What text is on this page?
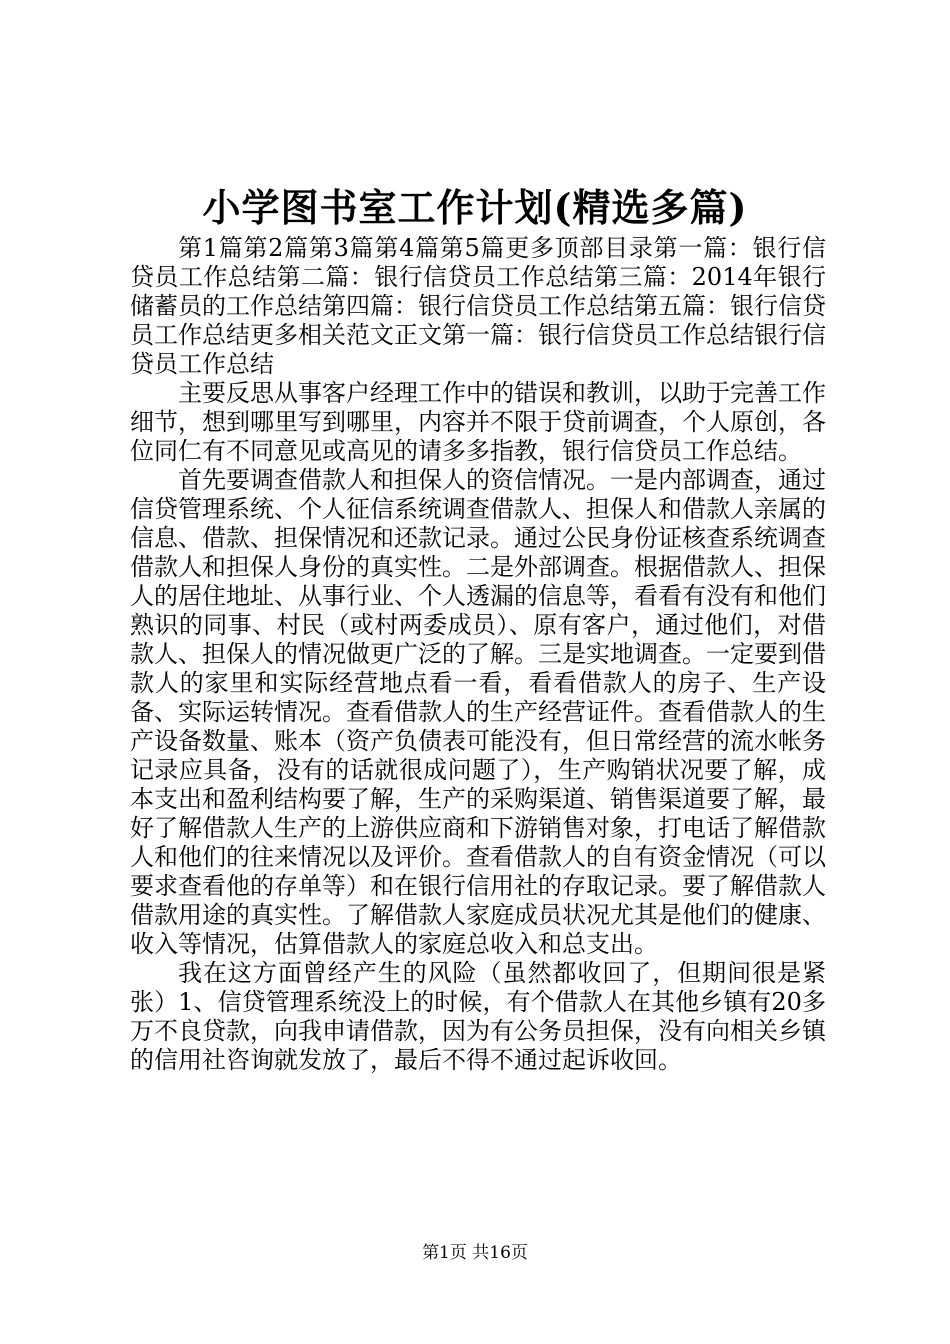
小学图书室工作计划(精选多篇)

第1篇第2篇第3篇第4篇第5篇更多顶部目录第一篇：银行信贷员工作总结第二篇：银行信贷员工作总结第三篇：2014年银行储蓄员的工作总结第四篇：银行信贷员工作总结第五篇：银行信贷员工作总结更多相关范文正文第一篇：银行信贷员工作总结银行信贷员工作总结

主要反思从事客户经理工作中的错误和教训，以助于完善工作细节，想到哪里写到哪里，内容并不限于贷前调查，个人原创，各位同仁有不同意见或高见的请多多指教，银行信贷员工作总结。

首先要调查借款人和担保人的资信情况。一是内部调查，通过信贷管理系统、个人征信系统调查借款人、担保人和借款人亲属的信息、借款、担保情况和还款记录。通过公民身份证核查系统调查借款人和担保人身份的真实性。二是外部调查。根据借款人、担保人的居住地址、从事行业、个人透漏的信息等，看看有没有和他们熟识的同事、村民（或村两委成员）、原有客户，通过他们，对借款人、担保人的情况做更广泛的了解。三是实地调查。一定要到借款人的家里和实际经营地点看一看，看看借款人的房子、生产设备、实际运转情况。查看借款人的生产经营证件。查看借款人的生产设备数量、账本（资产负债表可能没有，但日常经营的流水帐务记录应具备，没有的话就很成问题了），生产购销状况要了解，成本支出和盈利结构要了解，生产的采购渠道、销售渠道要了解，最好了解借款人生产的上游供应商和下游销售对象，打电话了解借款人和他们的往来情况以及评价。查看借款人的自有资金情况（可以要求查看他的存单等）和在银行信用社的存取记录。要了解借款人借款用途的真实性。了解借款人家庭成员状况尤其是他们的健康、收入等情况，估算借款人的家庭总收入和总支出。

我在这方面曾经产生的风险（虽然都收回了，但期间很是紧张）1、信贷管理系统没上的时候，有个借款人在其他乡镇有20多万不良贷款，向我申请借款，因为有公务员担保，没有向相关乡镇的信用社咨询就发放了，最后不得不通过起诉收回。

第1页 共16页
